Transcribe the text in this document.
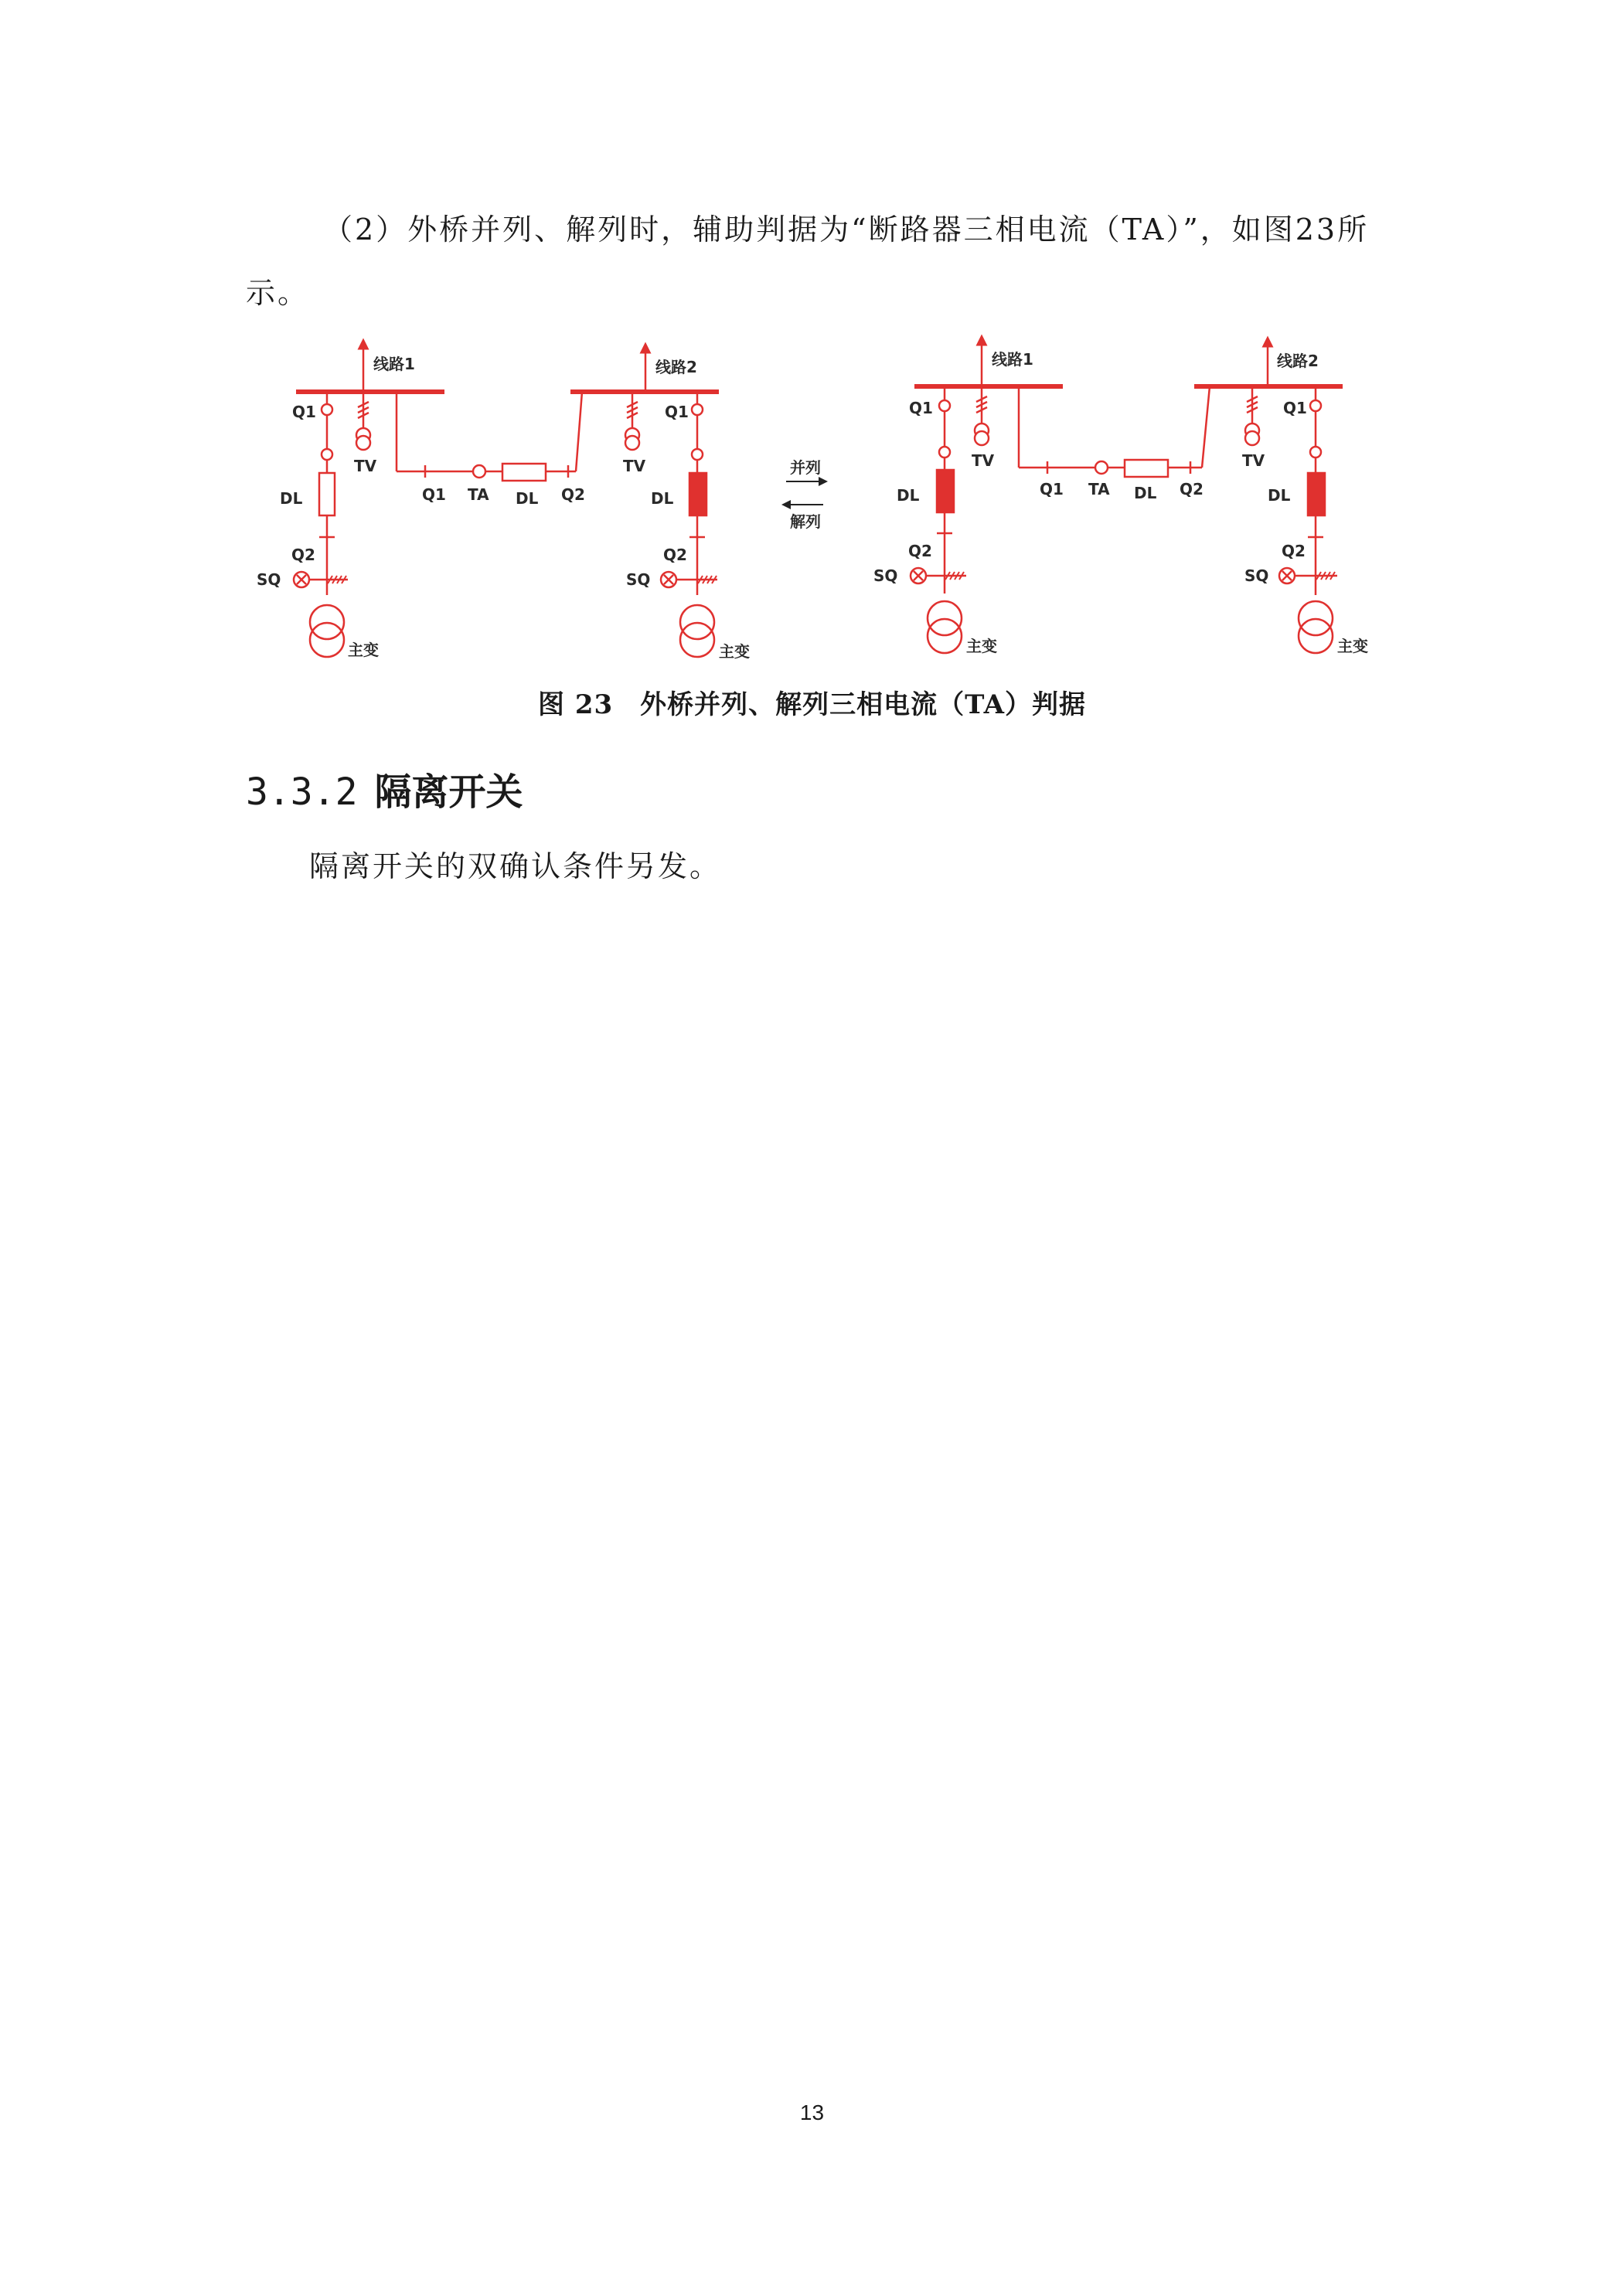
（2）外桥并列、解列时，辅助判据为“断路器三相电流（TA）”，如图23所示。

线路1	线路2
Q1
TV
DL
Q2
SQ
主变
Q1 TA DL Q2
Q1
TV
DL
Q2
SQ
主变
并列
解列
线路1	线路2
Q1
TV
DL
Q2
SQ
主变
Q1 TA DL Q2
Q1
TV
DL
Q2
SQ
主变
图 23　外桥并列、解列三相电流（TA）判据
3.3.2 隔离开关

隔离开关的双确认条件另发。

13
